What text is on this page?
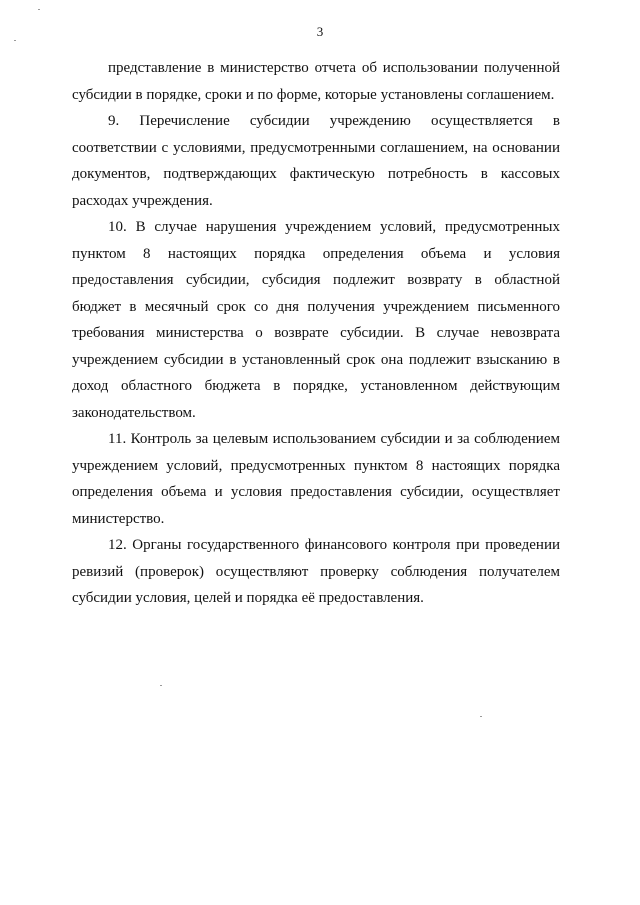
3

представление в министерство отчета об использовании полученной субсидии в порядке, сроки и по форме, которые установлены соглашением.

9. Перечисление субсидии учреждению осуществляется в соответствии с условиями, предусмотренными соглашением, на основании документов, подтверждающих фактическую потребность в кассовых расходах учреждения.

10. В случае нарушения учреждением условий, предусмотренных пунктом 8 настоящих порядка определения объема и условия предоставления субсидии, субсидия подлежит возврату в областной бюджет в месячный срок со дня получения учреждением письменного требования министерства о возврате субсидии. В случае невозврата учреждением субсидии в установленный срок она подлежит взысканию в доход областного бюджета в порядке, установленном действующим законодательством.

11. Контроль за целевым использованием субсидии и за соблюдением учреждением условий, предусмотренных пунктом 8 настоящих порядка определения объема и условия предоставления субсидии, осуществляет министерство.

12. Органы государственного финансового контроля при проведении ревизий (проверок) осуществляют проверку соблюдения получателем субсидии условия, целей и порядка её предоставления.
